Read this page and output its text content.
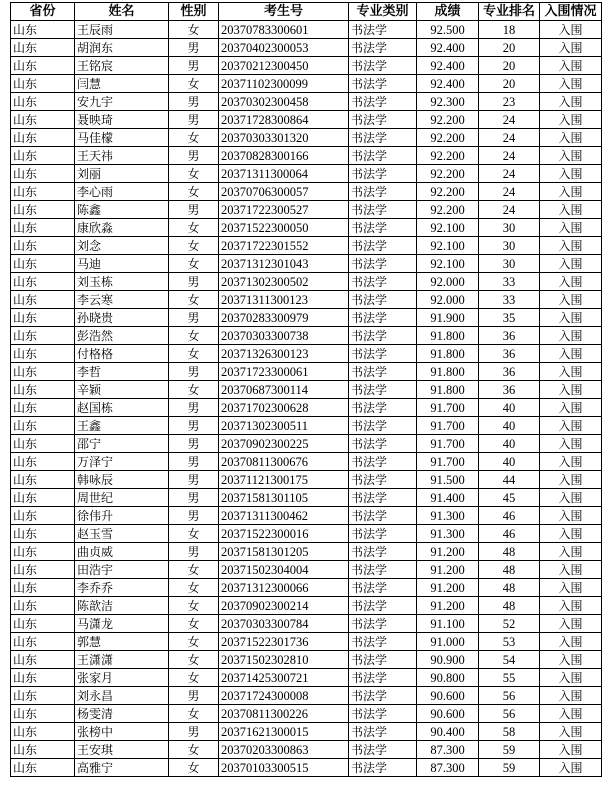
省份	姓名	性别	考生号	专业类别	成绩	专业排名	入围情况
山东	王辰雨	女	20370783300601	书法学	92.500	18	入围
山东	胡润东	男	20370402300053	书法学	92.400	20	入围
山东	王铭宸	男	20370212300450	书法学	92.400	20	入围
山东	闫慧	女	20371102300099	书法学	92.400	20	入围
山东	安九宇	男	20370302300458	书法学	92.300	23	入围
山东	聂映琦	男	20371728300864	书法学	92.200	24	入围
山东	马佳檬	女	20370303301320	书法学	92.200	24	入围
山东	王天祎	男	20370828300166	书法学	92.200	24	入围
山东	刘丽	女	20371311300064	书法学	92.200	24	入围
山东	李心雨	女	20370706300057	书法学	92.200	24	入围
山东	陈鑫	男	20371722300527	书法学	92.200	24	入围
山东	康欣淼	女	20371522300050	书法学	92.100	30	入围
山东	刘念	女	20371722301552	书法学	92.100	30	入围
山东	马迪	女	20371312301043	书法学	92.100	30	入围
山东	刘玉栋	男	20371302300502	书法学	92.000	33	入围
山东	李云寒	女	20371311300123	书法学	92.000	33	入围
山东	孙晓贵	男	20370283300979	书法学	91.900	35	入围
山东	彭浩然	女	20370303300738	书法学	91.800	36	入围
山东	付格格	女	20371326300123	书法学	91.800	36	入围
山东	李哲	男	20371723300061	书法学	91.800	36	入围
山东	辛颖	女	20370687300114	书法学	91.800	36	入围
山东	赵国栋	男	20371702300628	书法学	91.700	40	入围
山东	王鑫	男	20371302300511	书法学	91.700	40	入围
山东	邵宁	男	20370902300225	书法学	91.700	40	入围
山东	万泽宁	男	20370811300676	书法学	91.700	40	入围
山东	韩咏辰	男	20371121300175	书法学	91.500	44	入围
山东	周世纪	男	20371581301105	书法学	91.400	45	入围
山东	徐伟升	男	20371311300462	书法学	91.300	46	入围
山东	赵玉雪	女	20371522300016	书法学	91.300	46	入围
山东	曲贞威	男	20371581301205	书法学	91.200	48	入围
山东	田浩宇	女	20371502304004	书法学	91.200	48	入围
山东	李乔乔	女	20371312300066	书法学	91.200	48	入围
山东	陈歆洁	女	20370902300214	书法学	91.200	48	入围
山东	马潇龙	女	20370303300784	书法学	91.100	52	入围
山东	郭慧	女	20371522301736	书法学	91.000	53	入围
山东	王潇潇	女	20371502302810	书法学	90.900	54	入围
山东	张家月	女	20371425300721	书法学	90.800	55	入围
山东	刘永昌	男	20371724300008	书法学	90.600	56	入围
山东	杨雯清	女	20370811300226	书法学	90.600	56	入围
山东	张榜中	男	20371621300015	书法学	90.400	58	入围
山东	王安琪	女	20370203300863	书法学	87.300	59	入围
山东	高雅宁	女	20370103300515	书法学	87.300	59	入围
